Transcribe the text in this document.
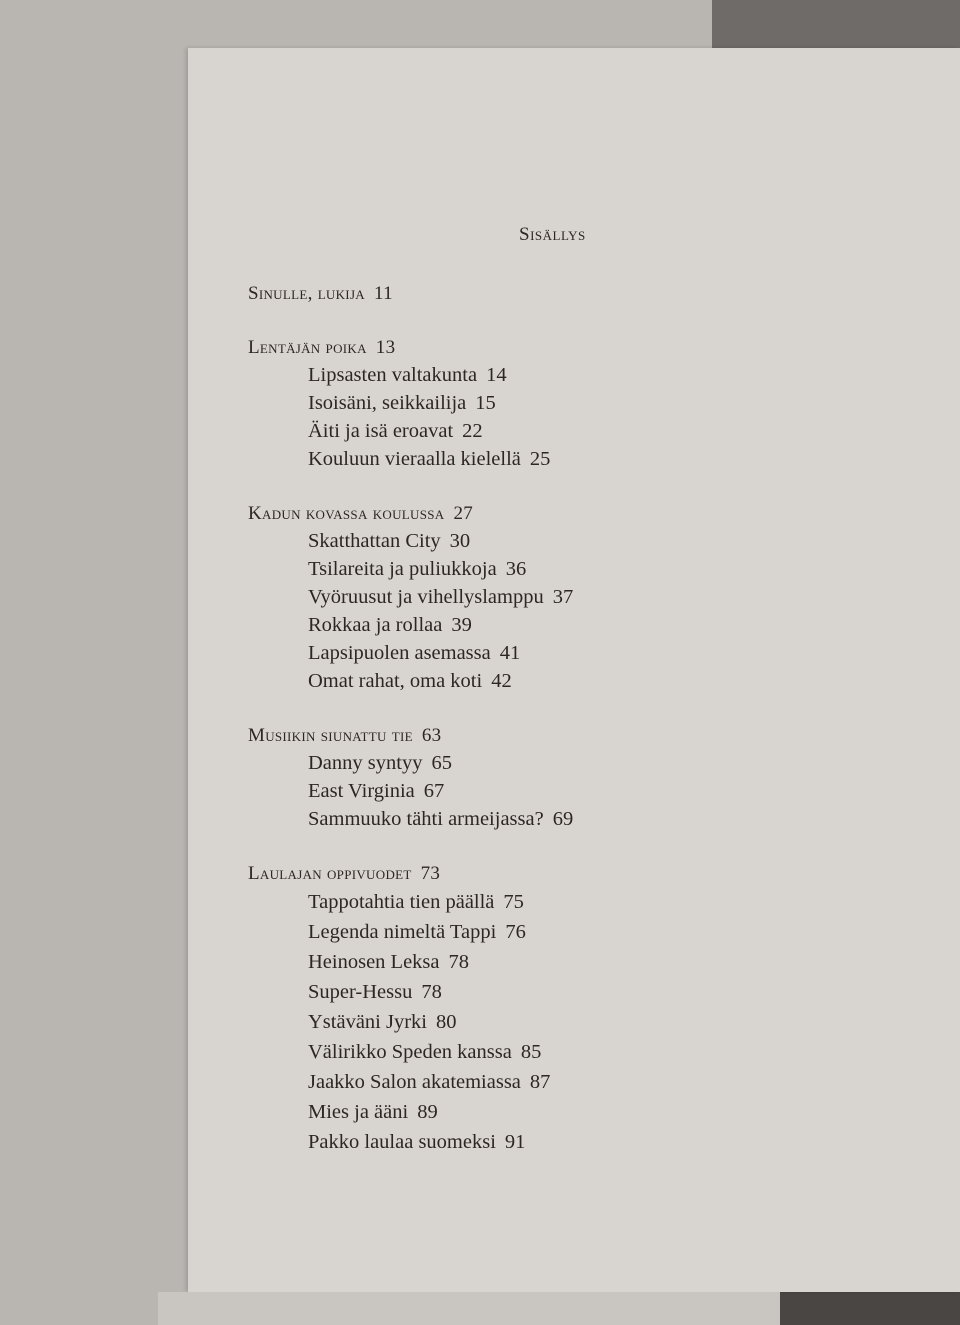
Sisällys
Sinulle, lukija 11
Lentäjän poika 13
Lipsasten valtakunta 14
Isoisäni, seikkailija 15
Äiti ja isä eroavat 22
Kouluun vieraalla kielellä 25
Kadun kovassa koulussa 27
Skatthattan City 30
Tsilareita ja puliukkoja 36
Vyöruusut ja vihellyslamppu 37
Rokkaa ja rollaa 39
Lapsipuolen asemassa 41
Omat rahat, oma koti 42
Musiikin siunattu tie 63
Danny syntyy 65
East Virginia 67
Sammuuko tähti armeijassa? 69
Laulajan oppivuodet 73
Tappotahtia tien päällä 75
Legenda nimeltä Tappi 76
Heinosen Leksa 78
Super-Hessu 78
Ystäväni Jyrki 80
Välirikko Speden kanssa 85
Jaakko Salon akatemiassa 87
Mies ja ääni 89
Pakko laulaa suomeksi 91
